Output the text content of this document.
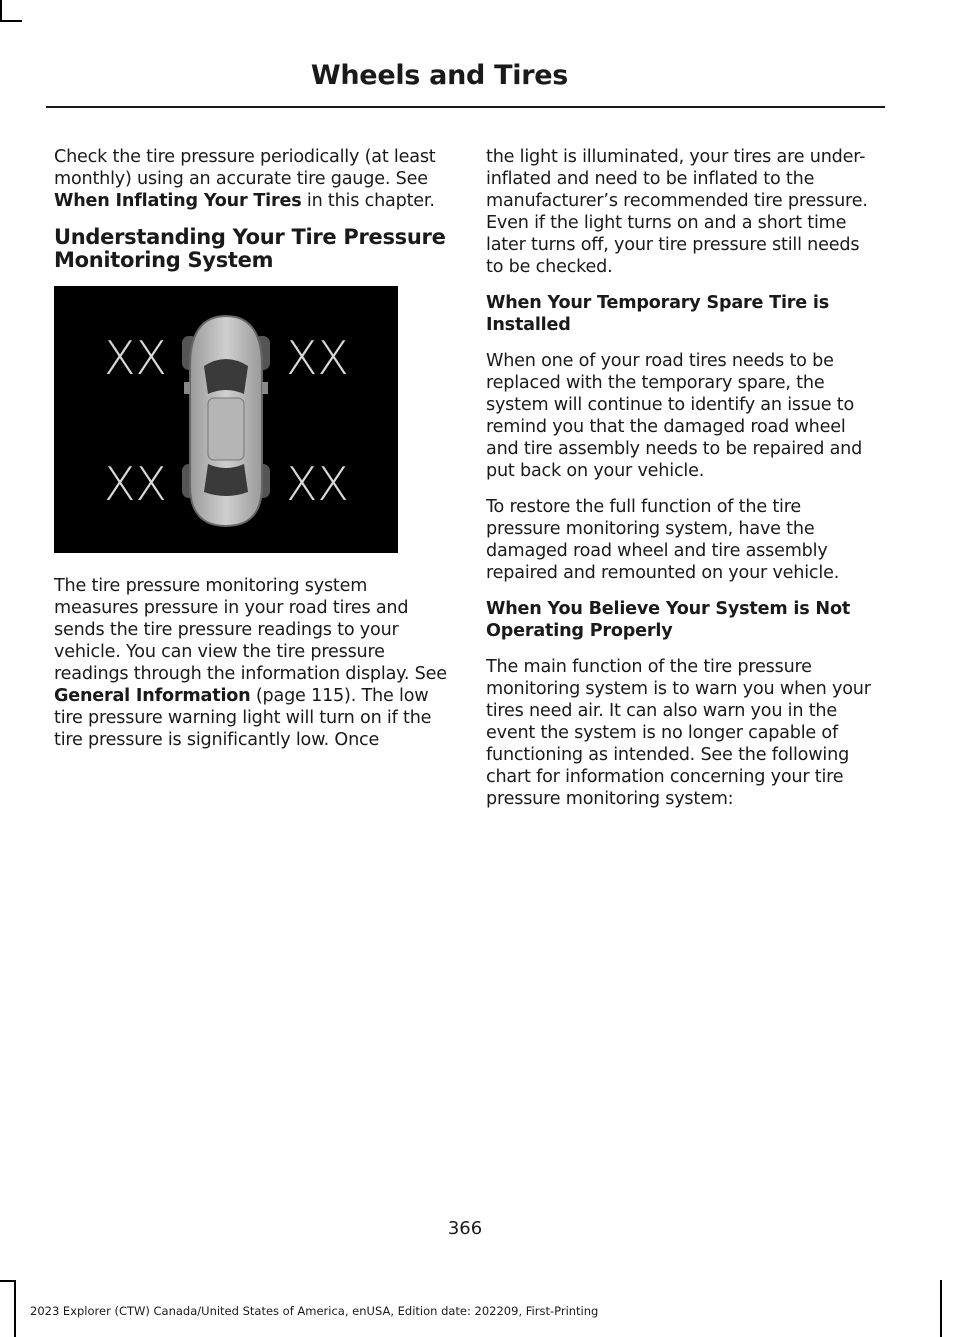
Wheels and Tires

Check the tire pressure periodically (at least monthly) using an accurate tire gauge. See When Inflating Your Tires in this chapter.

Understanding Your Tire Pressure Monitoring System
XX	XX
XX	XX

The tire pressure monitoring system measures pressure in your road tires and sends the tire pressure readings to your vehicle. You can view the tire pressure readings through the information display. See General Information (page 115). The low tire pressure warning light will turn on if the tire pressure is significantly low. Once

the light is illuminated, your tires are under-inflated and need to be inflated to the manufacturer’s recommended tire pressure. Even if the light turns on and a short time later turns off, your tire pressure still needs to be checked.

When Your Temporary Spare Tire is Installed

When one of your road tires needs to be replaced with the temporary spare, the system will continue to identify an issue to remind you that the damaged road wheel and tire assembly needs to be repaired and put back on your vehicle.

To restore the full function of the tire pressure monitoring system, have the damaged road wheel and tire assembly repaired and remounted on your vehicle.

When You Believe Your System is Not Operating Properly

The main function of the tire pressure monitoring system is to warn you when your tires need air. It can also warn you in the event the system is no longer capable of functioning as intended. See the following chart for information concerning your tire pressure monitoring system:

366
2023 Explorer (CTW) Canada/United States of America, enUSA, Edition date: 202209, First-Printing
